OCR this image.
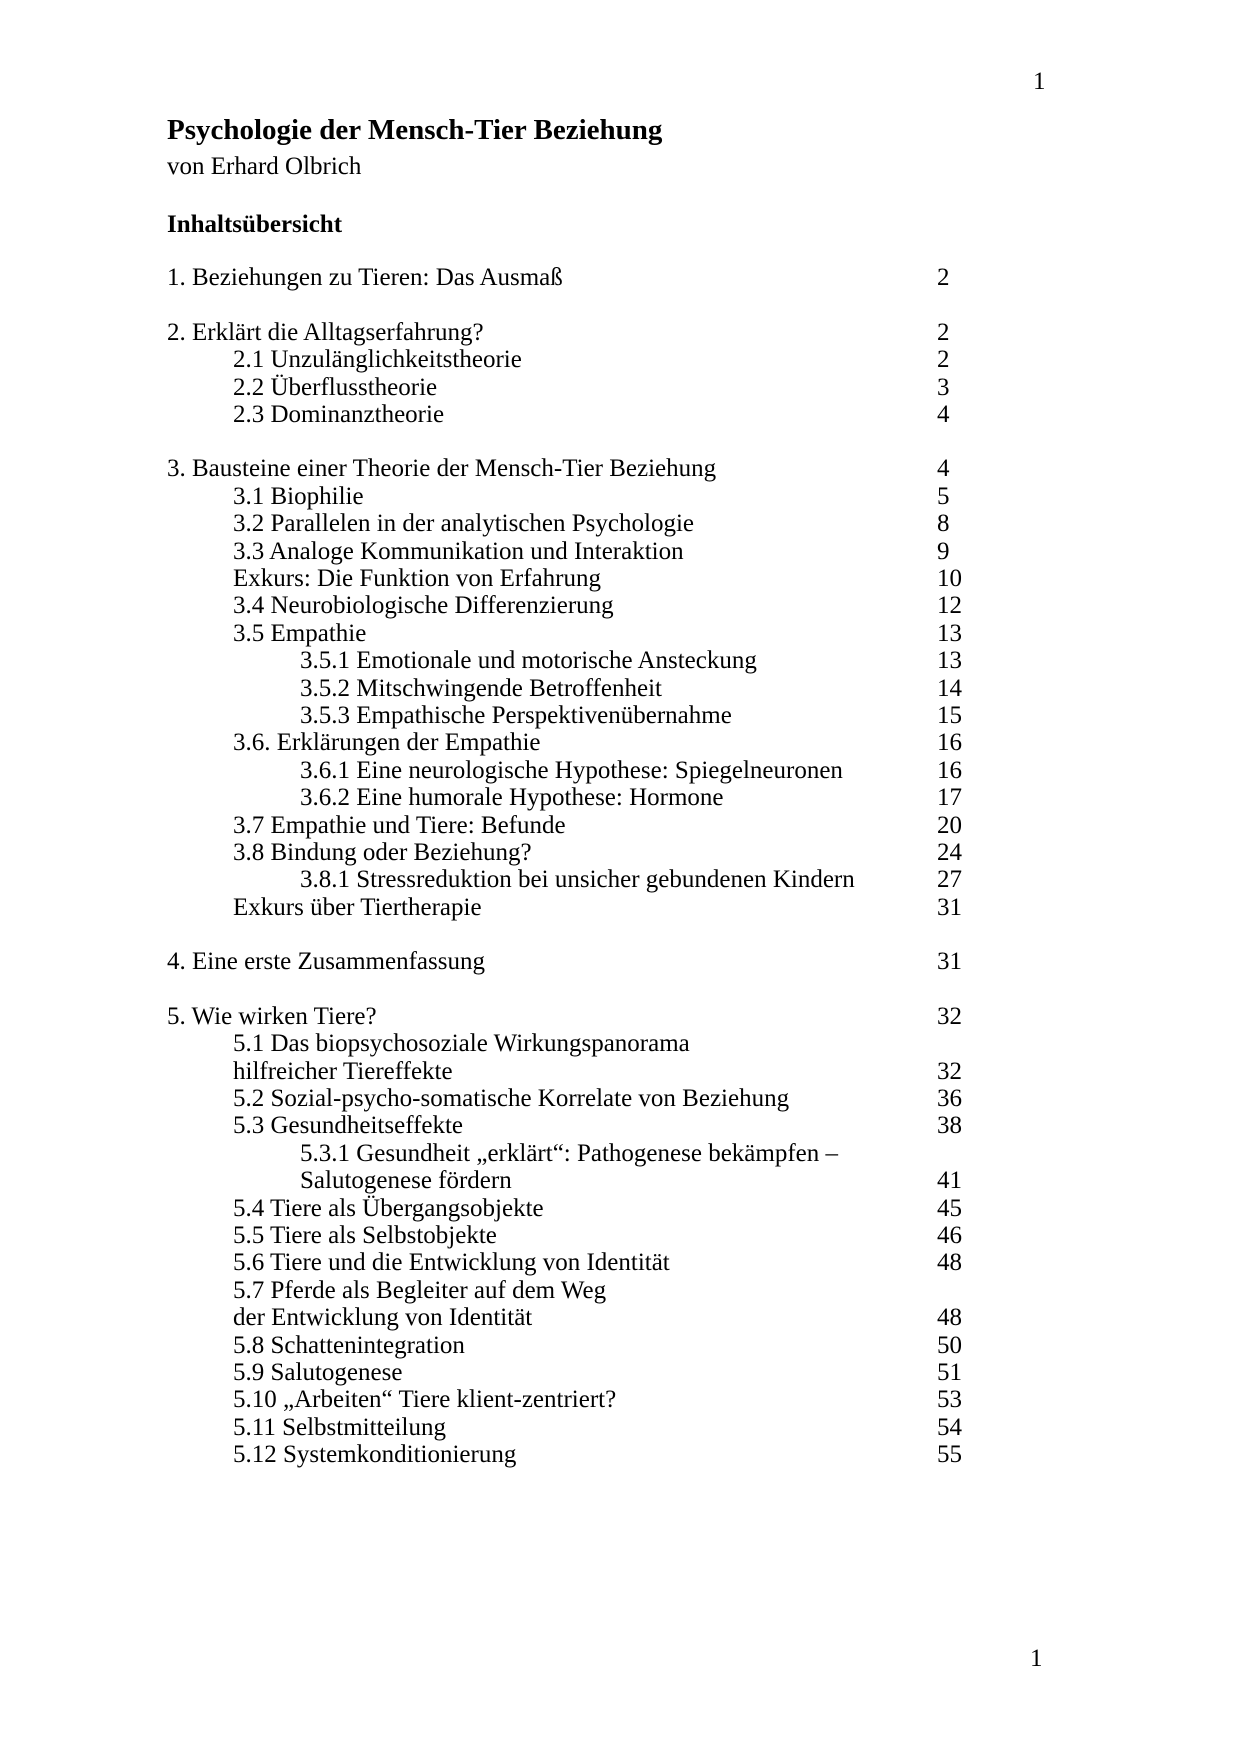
1
Psychologie der Mensch-Tier Beziehung
von Erhard Olbrich
Inhaltsübersicht
1. Beziehungen zu Tieren: Das Ausmaß	2
2. Erklärt die Alltagserfahrung?	2
2.1 Unzulänglichkeitstheorie	2
2.2 Überflusstheorie	3
2.3 Dominanztheorie	4
3. Bausteine einer Theorie der Mensch-Tier Beziehung	4
3.1 Biophilie	5
3.2 Parallelen in der analytischen Psychologie	8
3.3 Analoge Kommunikation und Interaktion	9
Exkurs: Die Funktion von Erfahrung	10
3.4 Neurobiologische Differenzierung	12
3.5 Empathie	13
3.5.1 Emotionale und motorische Ansteckung	13
3.5.2 Mitschwingende Betroffenheit	14
3.5.3 Empathische Perspektivenübernahme	15
3.6. Erklärungen der Empathie	16
3.6.1 Eine neurologische Hypothese: Spiegelneuronen	16
3.6.2 Eine humorale Hypothese: Hormone	17
3.7 Empathie und Tiere: Befunde	20
3.8 Bindung oder Beziehung?	24
3.8.1 Stressreduktion bei unsicher gebundenen Kindern	27
Exkurs über Tiertherapie	31
4. Eine erste Zusammenfassung	31
5. Wie wirken Tiere?	32
5.1 Das biopsychosoziale Wirkungspanorama
hilfreicher Tiereffekte	32
5.2 Sozial-psycho-somatische Korrelate von Beziehung	36
5.3 Gesundheitseffekte	38
5.3.1 Gesundheit „erklärt“: Pathogenese bekämpfen –
Salutogenese fördern	41
5.4 Tiere als Übergangsobjekte	45
5.5 Tiere als Selbstobjekte	46
5.6 Tiere und die Entwicklung von Identität	48
5.7 Pferde als Begleiter auf dem Weg
der Entwicklung von Identität	48
5.8 Schattenintegration	50
5.9 Salutogenese	51
5.10 „Arbeiten“ Tiere klient-zentriert?	53
5.11 Selbstmitteilung	54
5.12 Systemkonditionierung	55
1
